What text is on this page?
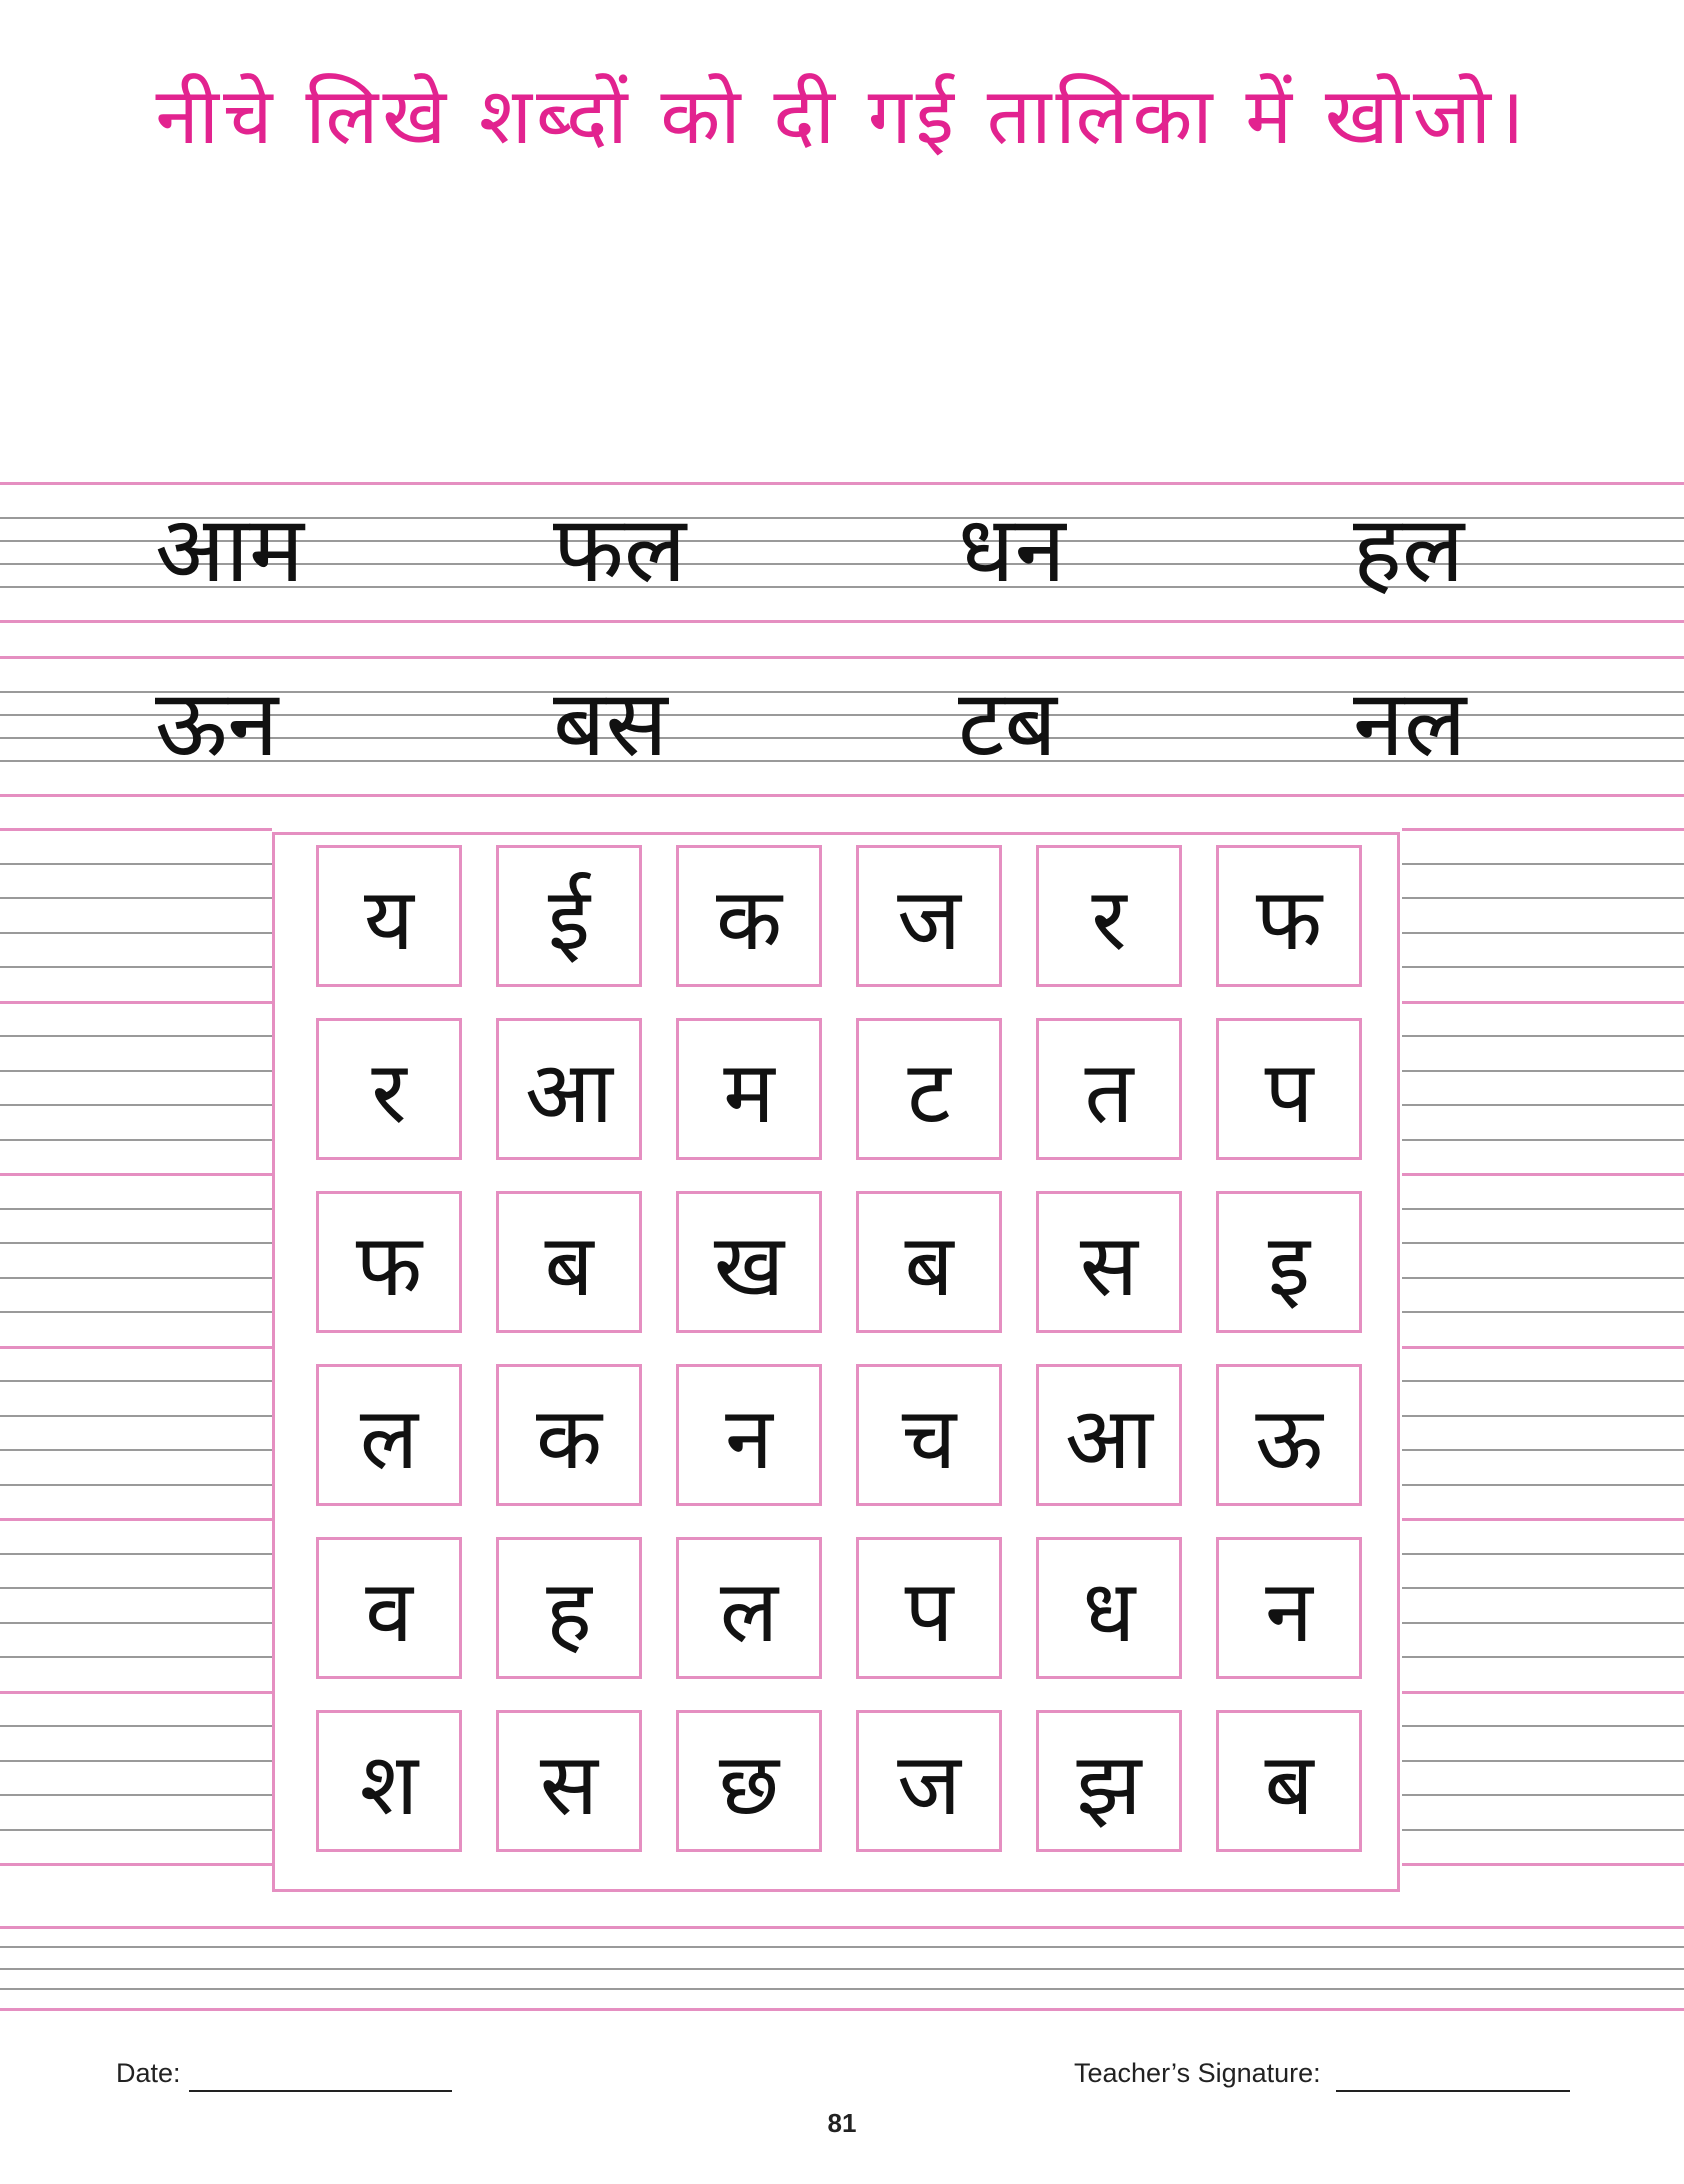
नीचे लिखे शब्दों को दी गई तालिका में खोजो।
आम	फल	धन	हल
ऊन	बस	टब	नल
य	ई	क	ज	र	फ
र	आ	म	ट	त	प
फ	ब	ख	ब	स	इ
ल	क	न	च	आ	ऊ
व	ह	ल	प	ध	न
श	स	छ	ज	झ	ब
Date:	Teacher’s Signature:
81
